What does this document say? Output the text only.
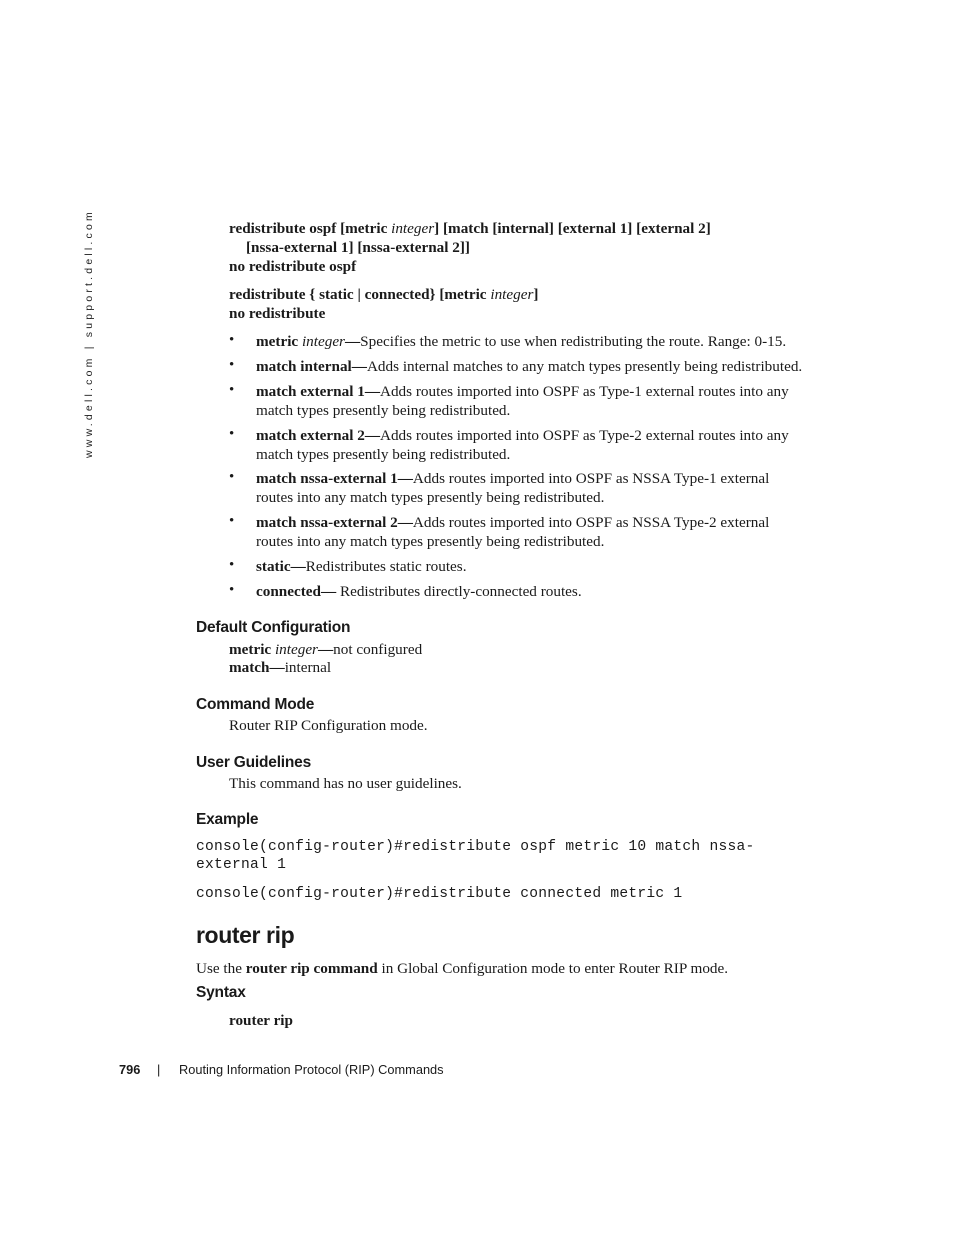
www.dell.com | support.dell.com	redistribute ospf [metric integer] [match [internal] [external 1] [external 2]
[nssa-external 1] [nssa-external 2]]
no redistribute ospf
redistribute { static | connected} [metric integer]
no redistribute
• metric integer—Specifies the metric to use when redistributing the route. Range: 0-15.
• match internal—Adds internal matches to any match types presently being redistributed.
• match external 1—Adds routes imported into OSPF as Type-1 external routes into any
match types presently being redistributed.
• match external 2—Adds routes imported into OSPF as Type-2 external routes into any
match types presently being redistributed.
• match nssa-external 1—Adds routes imported into OSPF as NSSA Type-1 external
routes into any match types presently being redistributed.
• match nssa-external 2—Adds routes imported into OSPF as NSSA Type-2 external
routes into any match types presently being redistributed.
• static—Redistributes static routes.
• connected— Redistributes directly-connected routes.
Default Configuration
metric integer—not configured
match—internal
Command Mode
Router RIP Configuration mode.
User Guidelines
This command has no user guidelines.
Example
console(config-router)#redistribute ospf metric 10 match nssa-
external 1
console(config-router)#redistribute connected metric 1
router rip
Use the router rip command in Global Configuration mode to enter Router RIP mode.
Syntax
router rip
796 | Routing Information Protocol (RIP) Commands
